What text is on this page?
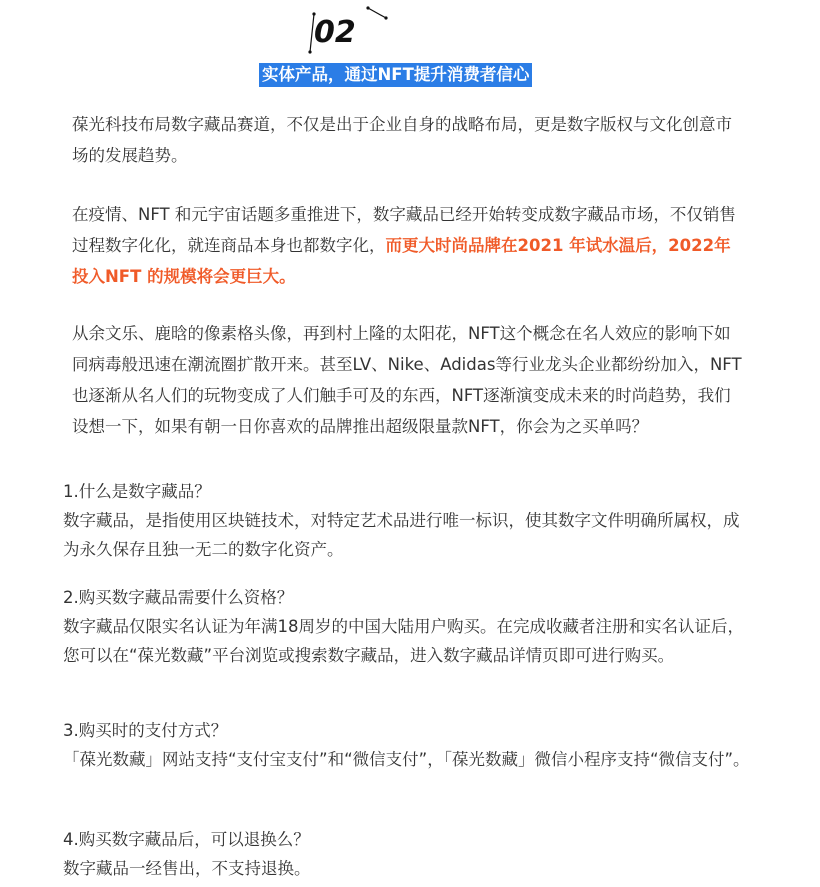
02
实体产品，通过NFT提升消费者信心

葆光科技布局数字藏品赛道，不仅是出于企业自身的战略布局，更是数字版权与文化创意市场的发展趋势。

在疫情、NFT 和元宇宙话题多重推进下，数字藏品已经开始转变成数字藏品市场，不仅销售过程数字化化，就连商品本身也都数字化，而更大时尚品牌在2021 年试水温后，2022年投入NFT 的规模将会更巨大。

从余文乐、鹿晗的像素格头像，再到村上隆的太阳花，NFT这个概念在名人效应的影响下如同病毒般迅速在潮流圈扩散开来。甚至LV、Nike、Adidas等行业龙头企业都纷纷加入，NFT也逐渐从名人们的玩物变成了人们触手可及的东西，NFT逐渐演变成未来的时尚趋势，我们设想一下，如果有朝一日你喜欢的品牌推出超级限量款NFT，你会为之买单吗？

1.什么是数字藏品？
数字藏品，是指使用区块链技术，对特定艺术品进行唯一标识，使其数字文件明确所属权，成为永久保存且独一无二的数字化资产。
2.购买数字藏品需要什么资格？
数字藏品仅限实名认证为年满18周岁的中国大陆用户购买。在完成收藏者注册和实名认证后，您可以在“葆光数藏”平台浏览或搜索数字藏品，进入数字藏品详情页即可进行购买。
3.购买时的支付方式？
「葆光数藏」网站支持“支付宝支付”和“微信支付”，「葆光数藏」微信小程序支持“微信支付”。
4.购买数字藏品后，可以退换么？
数字藏品一经售出，不支持退换。
